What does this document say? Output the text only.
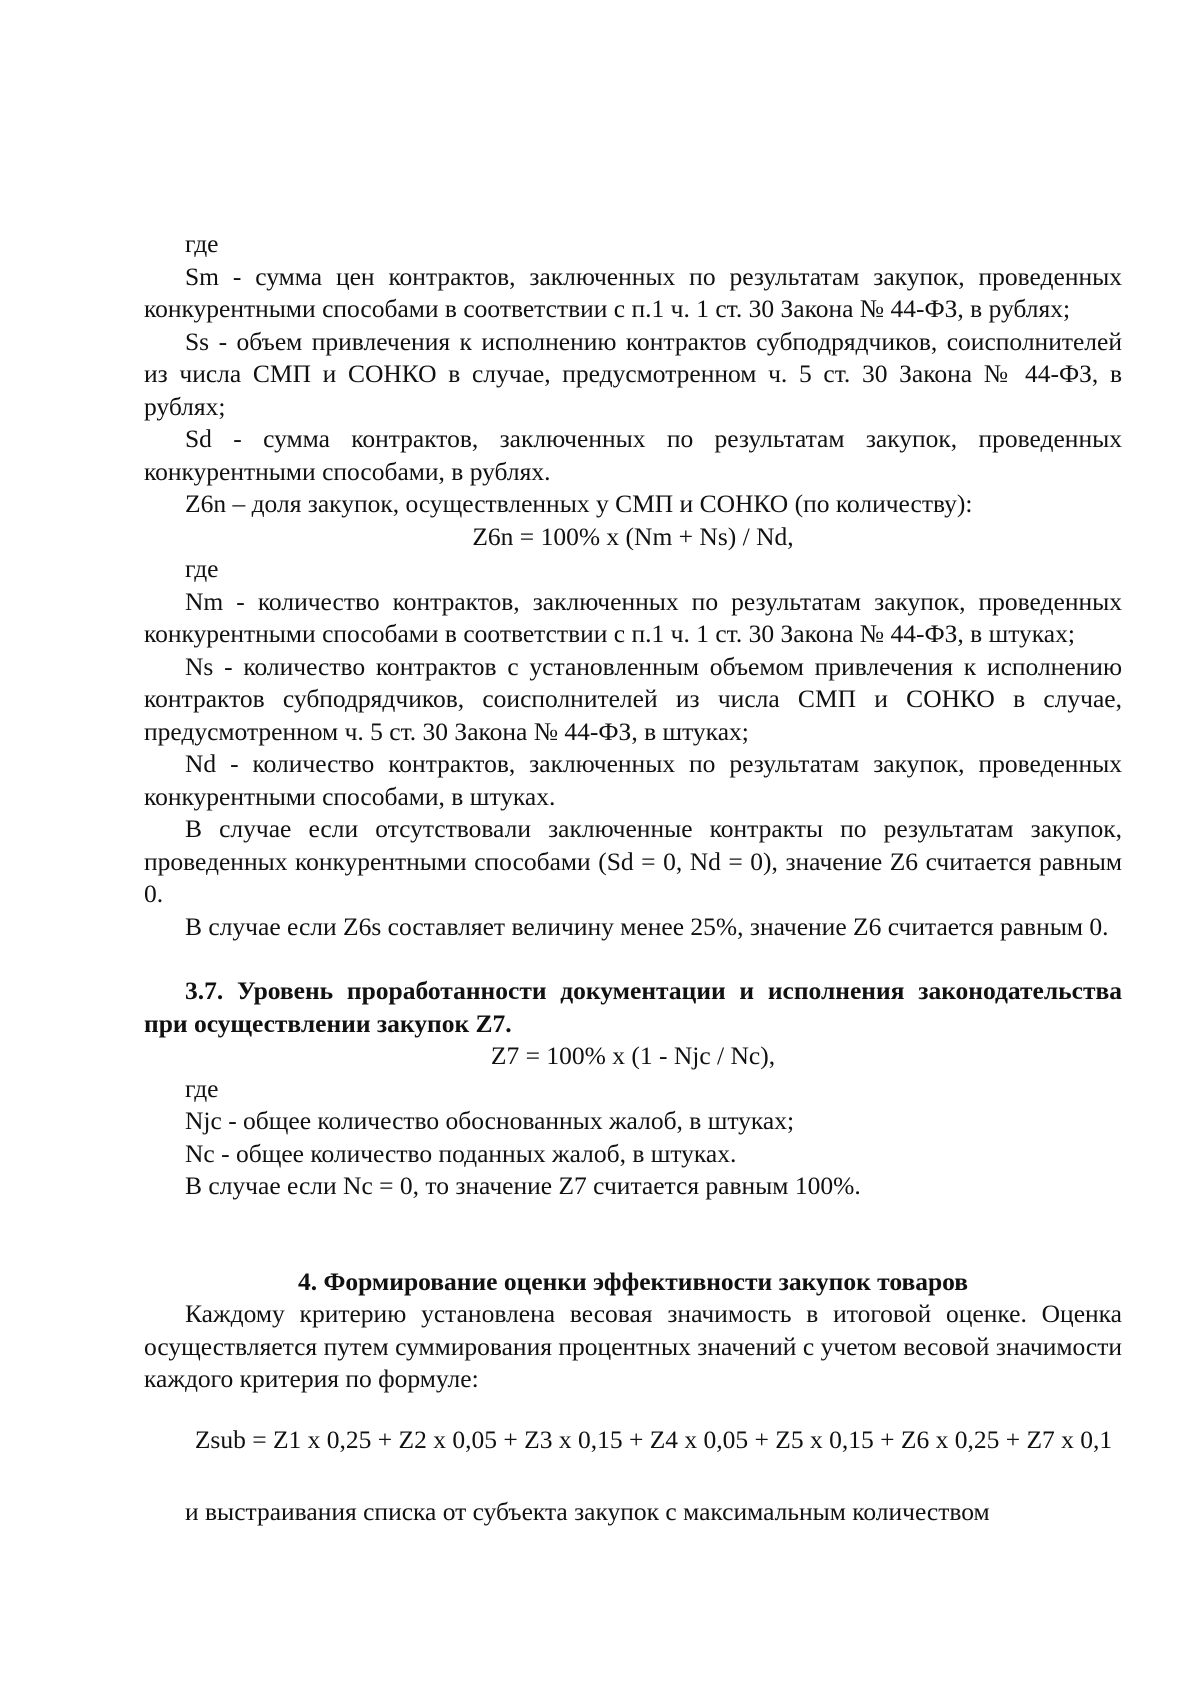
где

Sm - сумма цен контрактов, заключенных по результатам закупок, проведенных конкурентными способами в соответствии с п.1 ч. 1 ст. 30 Закона № 44-ФЗ, в рублях;

Ss - объем привлечения к исполнению контрактов субподрядчиков, соисполнителей из числа СМП и СОНКО в случае, предусмотренном ч. 5 ст. 30 Закона № 44-ФЗ, в рублях;

Sd - сумма контрактов, заключенных по результатам закупок, проведенных конкурентными способами, в рублях.

Z6n – доля закупок, осуществленных у СМП и СОНКО (по количеству):

Z6n = 100% х (Nm + Ns) / Nd,

где

Nm - количество контрактов, заключенных по результатам закупок, проведенных конкурентными способами в соответствии с п.1 ч. 1 ст. 30 Закона № 44-ФЗ, в штуках;

Ns - количество контрактов с установленным объемом привлечения к исполнению контрактов субподрядчиков, соисполнителей из числа СМП и СОНКО в случае, предусмотренном ч. 5 ст. 30 Закона № 44-ФЗ, в штуках;

Nd - количество контрактов, заключенных по результатам закупок, проведенных конкурентными способами, в штуках.

В случае если отсутствовали заключенные контракты по результатам закупок, проведенных конкурентными способами (Sd = 0, Nd = 0), значение Z6 считается равным 0.

В случае если Z6s составляет величину менее 25%, значение Z6 считается равным 0.

3.7. Уровень проработанности документации и исполнения законодательства при осуществлении закупок Z7.

Z7 = 100% х (1 - Njc / Nc),

где

Njc - общее количество обоснованных жалоб, в штуках;

Nc - общее количество поданных жалоб, в штуках.

В случае если Nc = 0, то значение Z7 считается равным 100%.

4. Формирование оценки эффективности закупок товаров

Каждому критерию установлена весовая значимость в итоговой оценке. Оценка осуществляется путем суммирования процентных значений с учетом весовой значимости каждого критерия по формуле:

Zsub = Z1 х 0,25 + Z2 х 0,05 + Z3 х 0,15 + Z4 х 0,05 + Z5 х 0,15 + Z6 х 0,25 + Z7 х 0,1

и выстраивания списка от субъекта закупок с максимальным количеством
